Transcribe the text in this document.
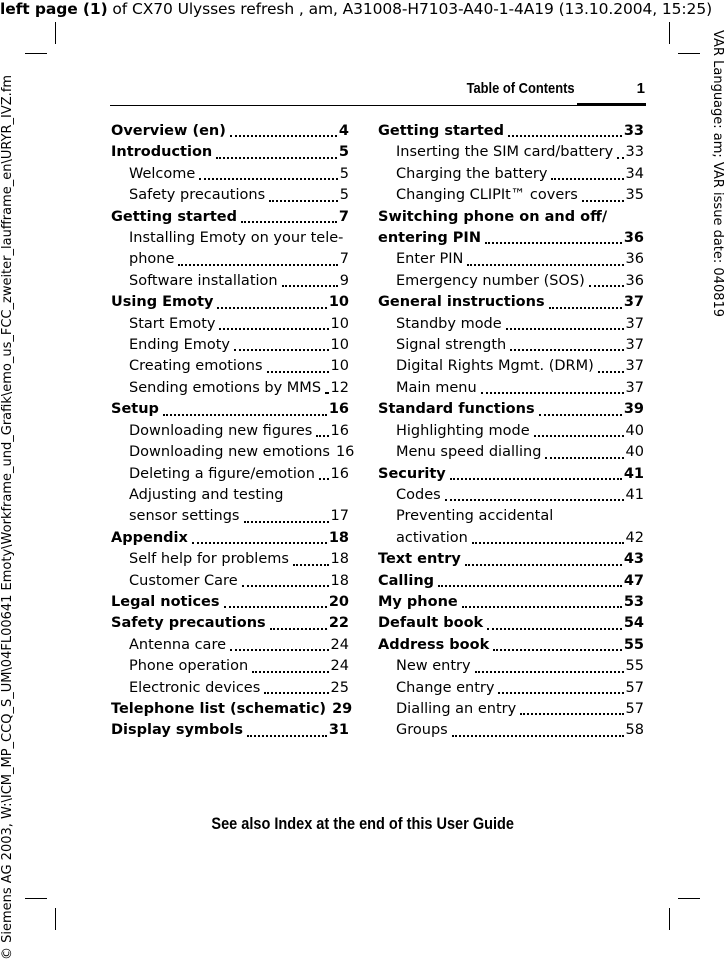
left page (1) of CX70 Ulysses refresh , am, A31008-H7103-A40-1-4A19 (13.10.2004, 15:25)
VAR Language: am; VAR issue date: 040819
© Siemens AG 2003, W:\ICM_MP_CCQ_S_UM\04FL00641 Emoty\Workframe_und_Grafik\emo_us_FCC_zweiter_laufframe_en\URYR_IVZ.fm	Table of Contents	1
Overview (en)	4
Introduction	5
Welcome	5
Safety precautions	5
Getting started	7
Installing Emoty on your tele-
phone	7
Software installation	9
Using Emoty	10
Start Emoty	10
Ending Emoty	10
Creating emotions	10
Sending emotions by MMS 12
Setup	16
Downloading new figures 16
Downloading new emotions 16
Deleting a figure/emotion 16
Adjusting and testing
sensor settings	17
Appendix	18
Self help for problems	18
Customer Care	18
Legal notices	20
Safety precautions	22
Antenna care	24
Phone operation	24
Electronic devices	25
Telephone list (schematic) 29
Display symbols	31
Getting started	33
Inserting the SIM card/battery 33
Charging the battery	34
Changing CLIPIt™ covers	35
Switching phone on and off/
entering PIN	36
Enter PIN	36
Emergency number (SOS)	36
General instructions	37
Standby mode	37
Signal strength	37
Digital Rights Mgmt. (DRM) 37
Main menu	37
Standard functions	39
Highlighting mode	40
Menu speed dialling	40
Security	41
Codes	41
Preventing accidental
activation	42
Text entry	43
Calling	47
My phone	53
Default book	54
Address book	55
New entry	55
Change entry	57
Dialling an entry	57
Groups	58
See also Index at the end of this User Guide
